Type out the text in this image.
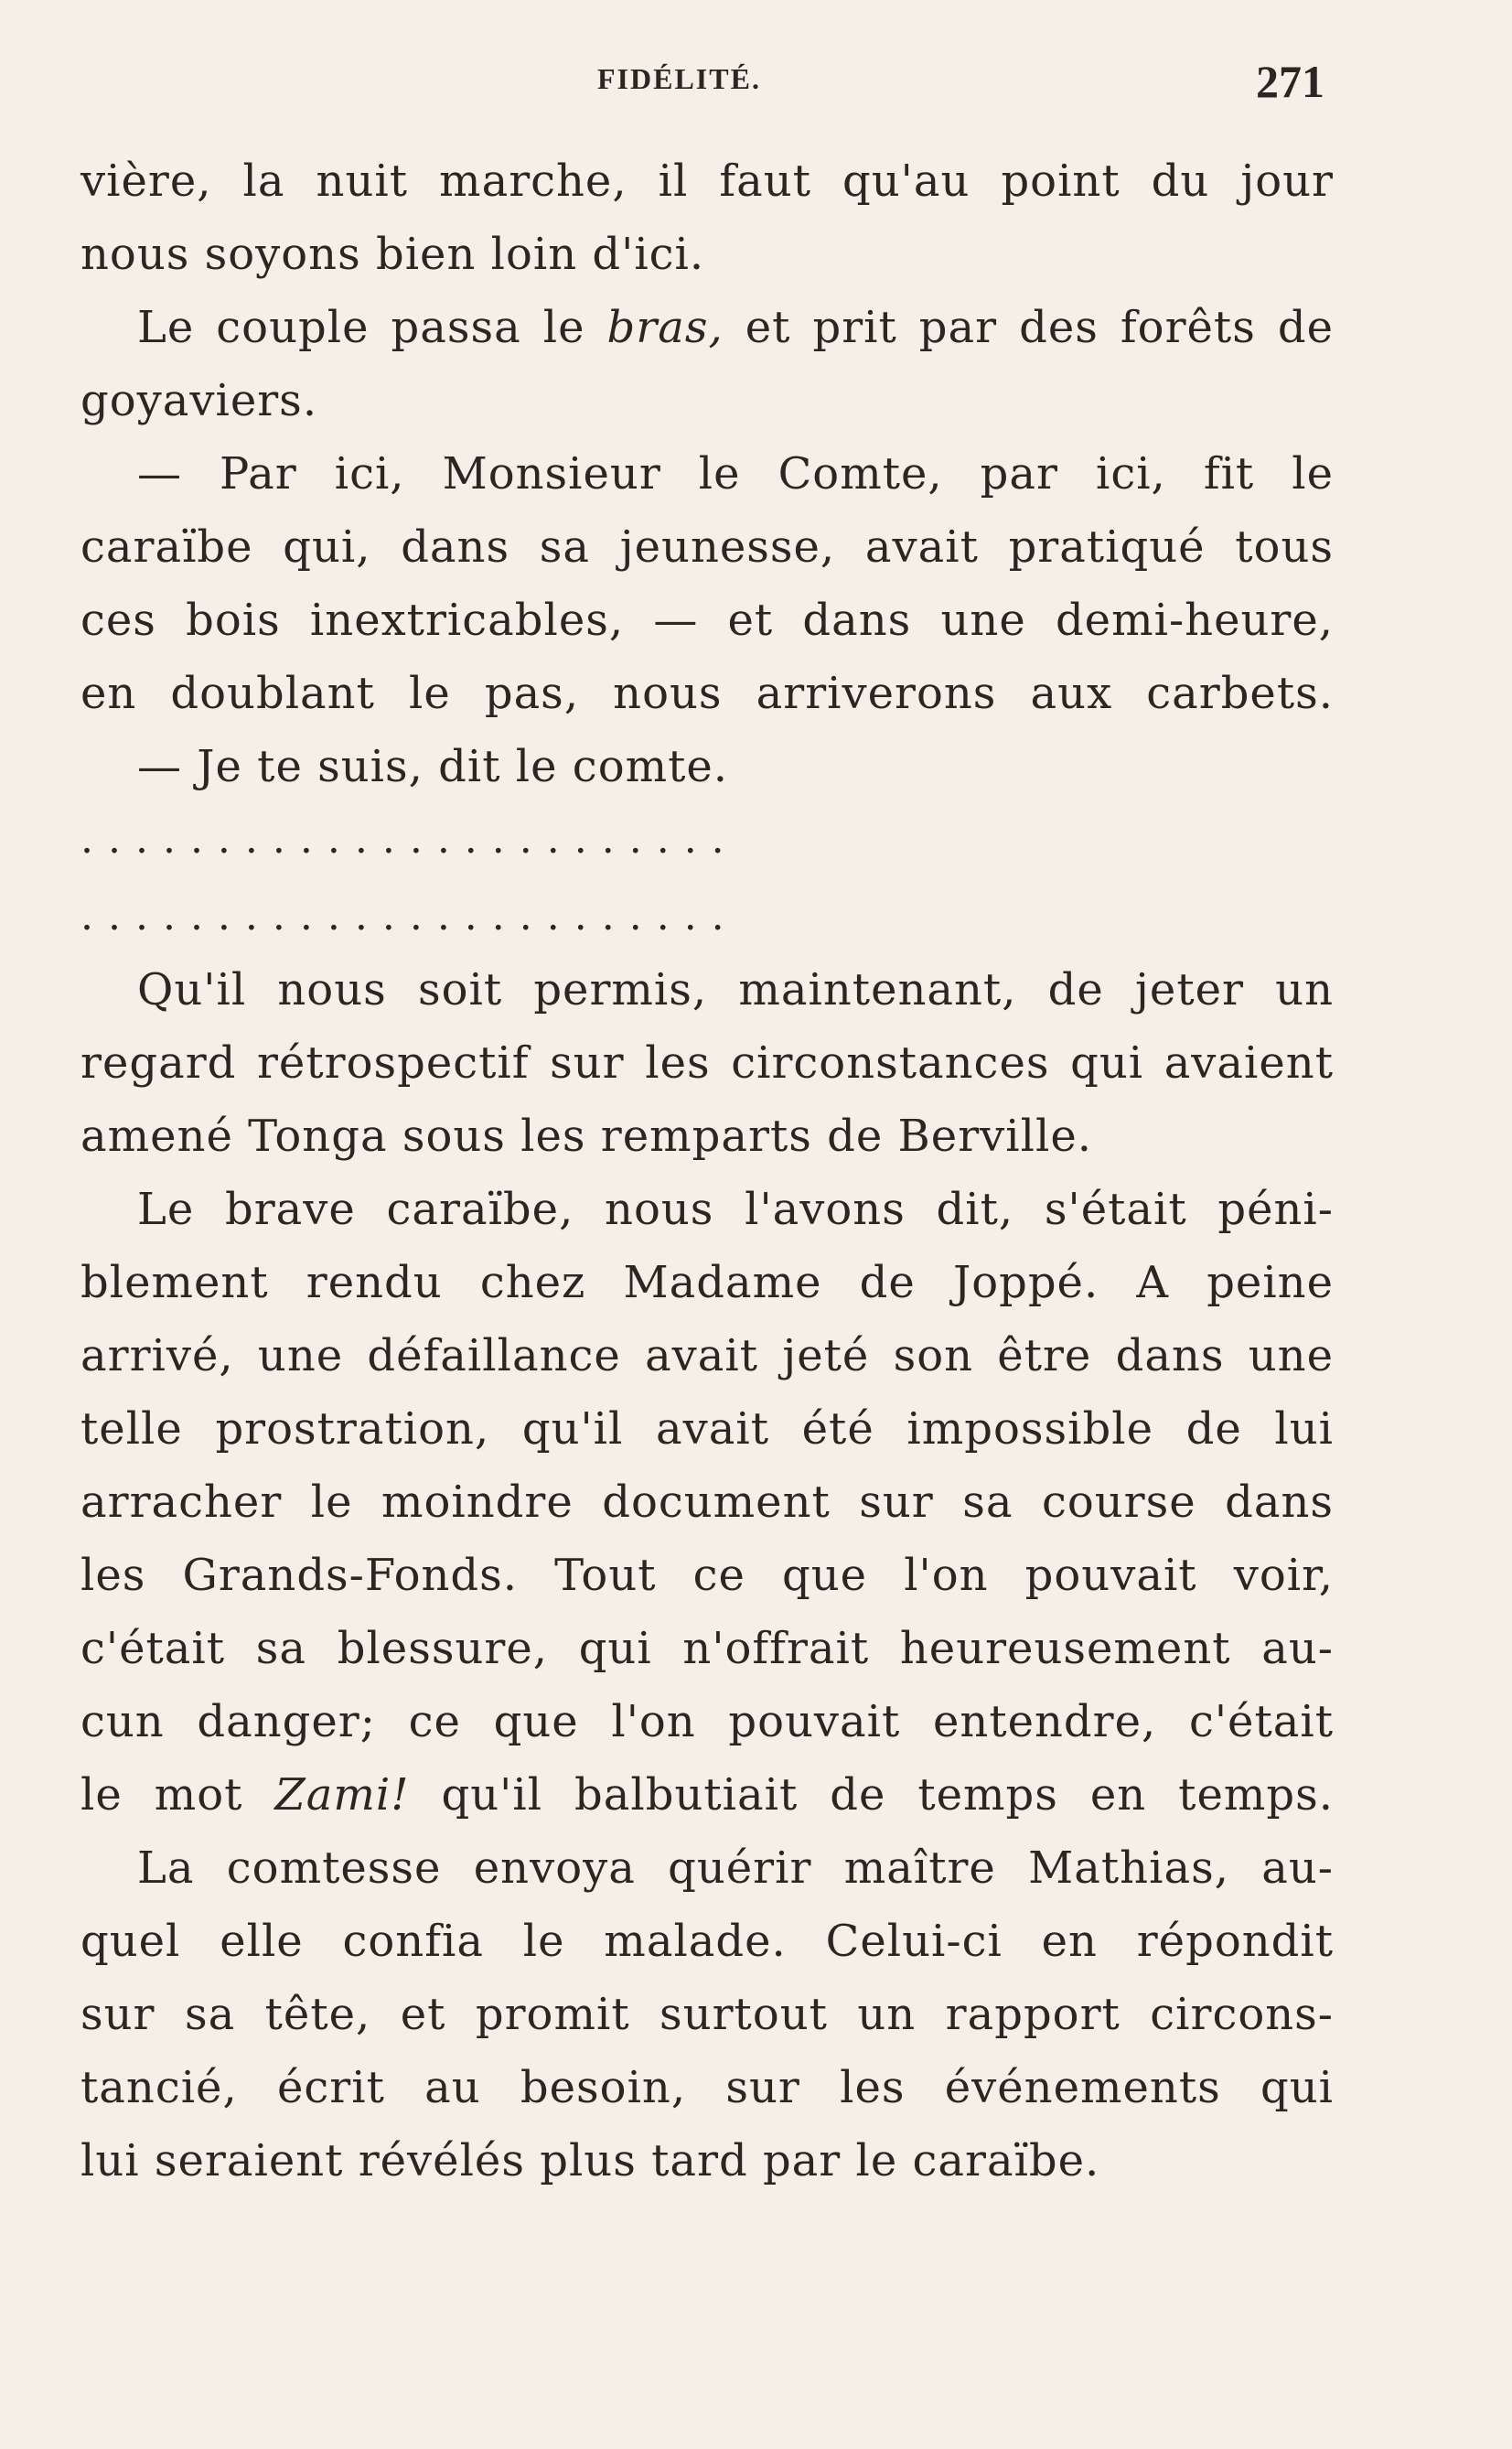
FIDÉLITÉ.	271
vière, la nuit marche, il faut qu'au point du jour
nous soyons bien loin d'ici.
Le couple passa le bras, et prit par des forêts de
goyaviers.
— Par ici, Monsieur le Comte, par ici, fit le
caraïbe qui, dans sa jeunesse, avait pratiqué tous
ces bois inextricables, — et dans une demi-heure,
en doublant le pas, nous arriverons aux carbets.
— Je te suis, dit le comte.
........................
........................
Qu'il nous soit permis, maintenant, de jeter un
regard rétrospectif sur les circonstances qui avaient
amené Tonga sous les remparts de Berville.
Le brave caraïbe, nous l'avons dit, s'était péni-
blement rendu chez Madame de Joppé. A peine
arrivé, une défaillance avait jeté son être dans une
telle prostration, qu'il avait été impossible de lui
arracher le moindre document sur sa course dans
les Grands-Fonds. Tout ce que l'on pouvait voir,
c'était sa blessure, qui n'offrait heureusement au-
cun danger; ce que l'on pouvait entendre, c'était
le mot Zami! qu'il balbutiait de temps en temps.
La comtesse envoya quérir maître Mathias, au-
quel elle confia le malade. Celui-ci en répondit
sur sa tête, et promit surtout un rapport circons-
tancié, écrit au besoin, sur les événements qui
lui seraient révélés plus tard par le caraïbe.
